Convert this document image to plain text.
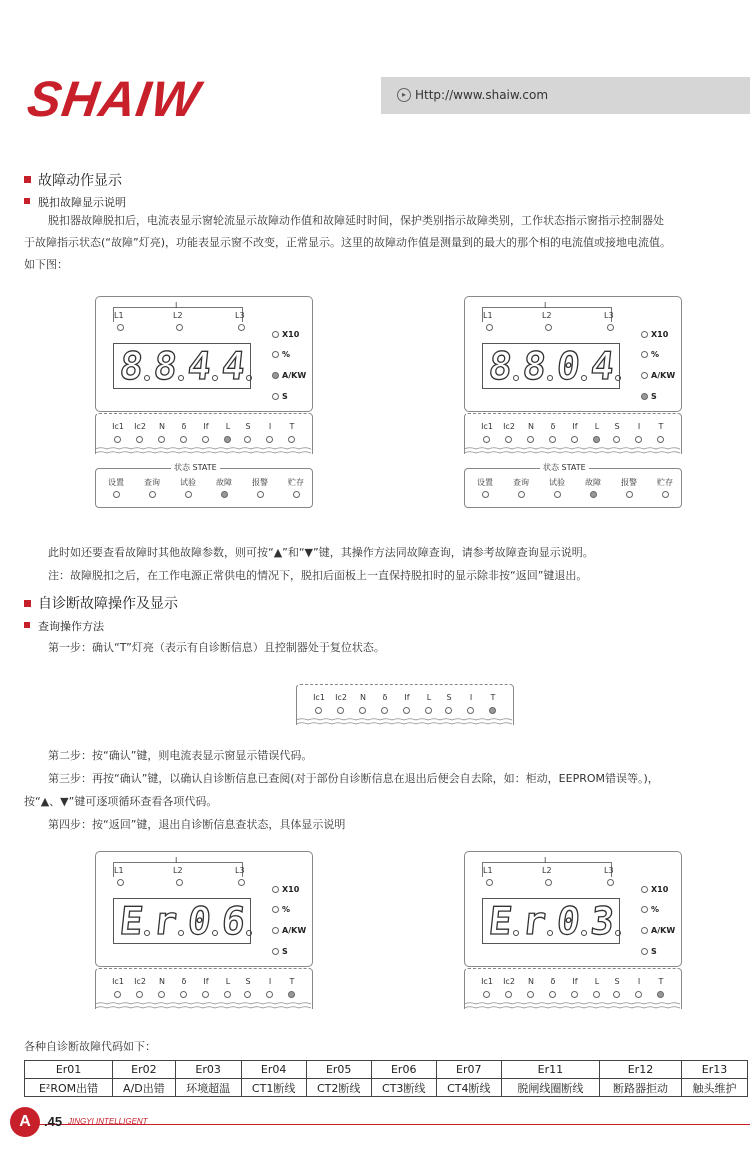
SHAIW	▸ Http://www.shaiw.com
故障动作显示
脱扣故障显示说明
脱扣器故障脱扣后，电流表显示窗轮流显示故障动作值和故障延时时间，保护类别指示故障类别，工作状态指示窗指示控制器处
于故障指示状态(“故障”灯亮)，功能表显示窗不改变，正常显示。这里的故障动作值是测量到的最大的那个相的电流值或接地电流值。
如下图：
I
L1	L2	L3
8 8 4 4
X10
%
A/KW
S
Ic1 Ic2	N	δ	If	L	S	I	T
状态 STATE
设置	查询	试验	故障	报警	贮存
I
L1	L2	L3
8 8 0 4
X10
%
A/KW
S
Ic1 Ic2	N	δ	If	L	S	I	T
状态 STATE
设置	查询	试验	故障	报警	贮存
I
L1	L2	L3
E r 0 6
X10
%
A/KW
S
Ic1 Ic2	N	δ	If	L	S	I	T
I
L1	L2	L3
E r 0 3
X10
%
A/KW
S
Ic1 Ic2	N	δ	If	L	S	I	T
此时如还要查看故障时其他故障参数，则可按“▲”和“▼”键，其操作方法同故障查询，请参考故障查询显示说明。
注：故障脱扣之后，在工作电源正常供电的情况下，脱扣后面板上一直保持脱扣时的显示除非按“返回”键退出。
自诊断故障操作及显示
查询操作方法
第一步：确认“T”灯亮（表示有自诊断信息）且控制器处于复位状态。
Ic1 Ic2	N	δ	If	L	S	I	T
第二步：按“确认”键，则电流表显示窗显示错误代码。
第三步：再按“确认”键，以确认自诊断信息已查阅(对于部份自诊断信息在退出后便会自去除，如：柜动，EEPROM错误等。)，
按“▲、▼”键可逐项循环查看各项代码。
第四步：按“返回”键，退出自诊断信息查状态，具体显示说明
各种自诊断故障代码如下：
Er01	Er02	Er03	Er04	Er05	Er06	Er07	Er11	Er12	Er13
E²ROM出错	A/D出错	环境超温	CT1断线	CT2断线	CT3断线	CT4断线	脱闸线圈断线	断路器拒动	触头维护
A	.45 JINGYI INTELLIGENT
